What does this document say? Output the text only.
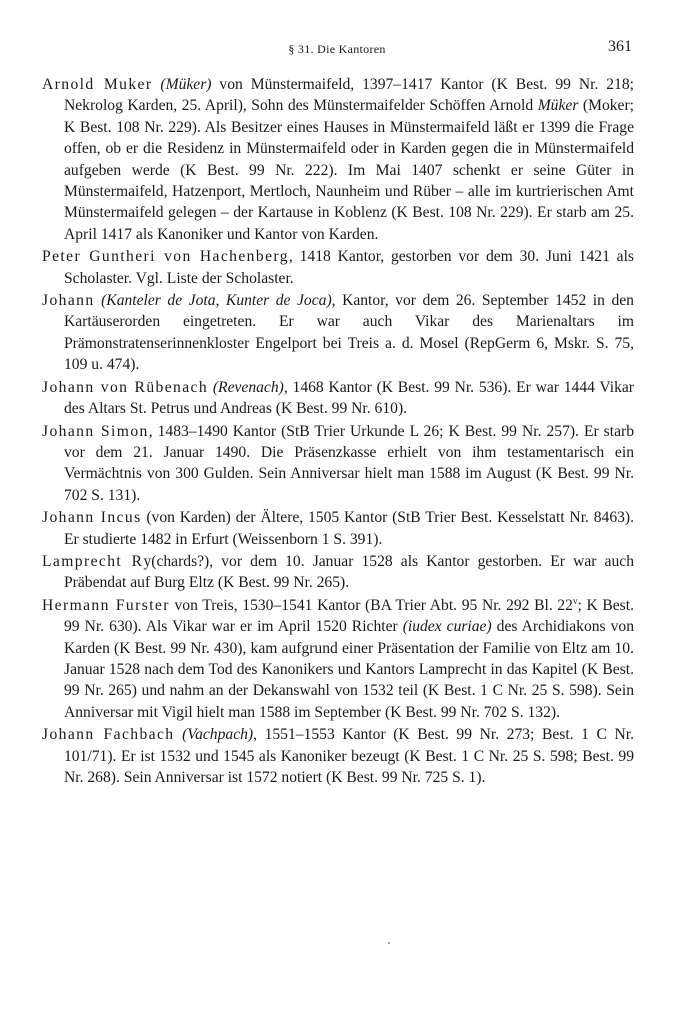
§ 31. Die Kantoren	361

Arnold Muker (Müker) von Münstermaifeld, 1397–1417 Kantor (K Best. 99 Nr. 218; Nekrolog Karden, 25. April), Sohn des Münstermaifelder Schöffen Arnold Müker (Moker; K Best. 108 Nr. 229). Als Besitzer eines Hauses in Münstermaifeld läßt er 1399 die Frage offen, ob er die Residenz in Münstermaifeld oder in Karden gegen die in Münstermaifeld aufgeben werde (K Best. 99 Nr. 222). Im Mai 1407 schenkt er seine Güter in Münstermaifeld, Hatzenport, Mertloch, Naunheim und Rüber – alle im kurtrierischen Amt Münstermaifeld gelegen – der Kartause in Koblenz (K Best. 108 Nr. 229). Er starb am 25. April 1417 als Kanoniker und Kantor von Karden.

Peter Guntheri von Hachenberg, 1418 Kantor, gestorben vor dem 30. Juni 1421 als Scholaster. Vgl. Liste der Scholaster.

Johann (Kanteler de Jota, Kunter de Joca), Kantor, vor dem 26. September 1452 in den Kartäuserorden eingetreten. Er war auch Vikar des Marienaltars im Prämonstratenserinnenkloster Engelport bei Treis a. d. Mosel (RepGerm 6, Mskr. S. 75, 109 u. 474).

Johann von Rübenach (Revenach), 1468 Kantor (K Best. 99 Nr. 536). Er war 1444 Vikar des Altars St. Petrus und Andreas (K Best. 99 Nr. 610).

Johann Simon, 1483–1490 Kantor (StB Trier Urkunde L 26; K Best. 99 Nr. 257). Er starb vor dem 21. Januar 1490. Die Präsenzkasse erhielt von ihm testamentarisch ein Vermächtnis von 300 Gulden. Sein Anniversar hielt man 1588 im August (K Best. 99 Nr. 702 S. 131).

Johann Incus (von Karden) der Ältere, 1505 Kantor (StB Trier Best. Kesselstatt Nr. 8463). Er studierte 1482 in Erfurt (Weissenborn 1 S. 391).

Lamprecht Ry(chards?), vor dem 10. Januar 1528 als Kantor gestorben. Er war auch Präbendat auf Burg Eltz (K Best. 99 Nr. 265).

Hermann Furster von Treis, 1530–1541 Kantor (BA Trier Abt. 95 Nr. 292 Bl. 22$^v$; K Best. 99 Nr. 630). Als Vikar war er im April 1520 Richter (iudex curiae) des Archidiakons von Karden (K Best. 99 Nr. 430), kam aufgrund einer Präsentation der Familie von Eltz am 10. Januar 1528 nach dem Tod des Kanonikers und Kantors Lamprecht in das Kapitel (K Best. 99 Nr. 265) und nahm an der Dekanswahl von 1532 teil (K Best. 1 C Nr. 25 S. 598). Sein Anniversar mit Vigil hielt man 1588 im September (K Best. 99 Nr. 702 S. 132).

Johann Fachbach (Vachpach), 1551–1553 Kantor (K Best. 99 Nr. 273; Best. 1 C Nr. 101/71). Er ist 1532 und 1545 als Kanoniker bezeugt (K Best. 1 C Nr. 25 S. 598; Best. 99 Nr. 268). Sein Anniversar ist 1572 notiert (K Best. 99 Nr. 725 S. 1).
